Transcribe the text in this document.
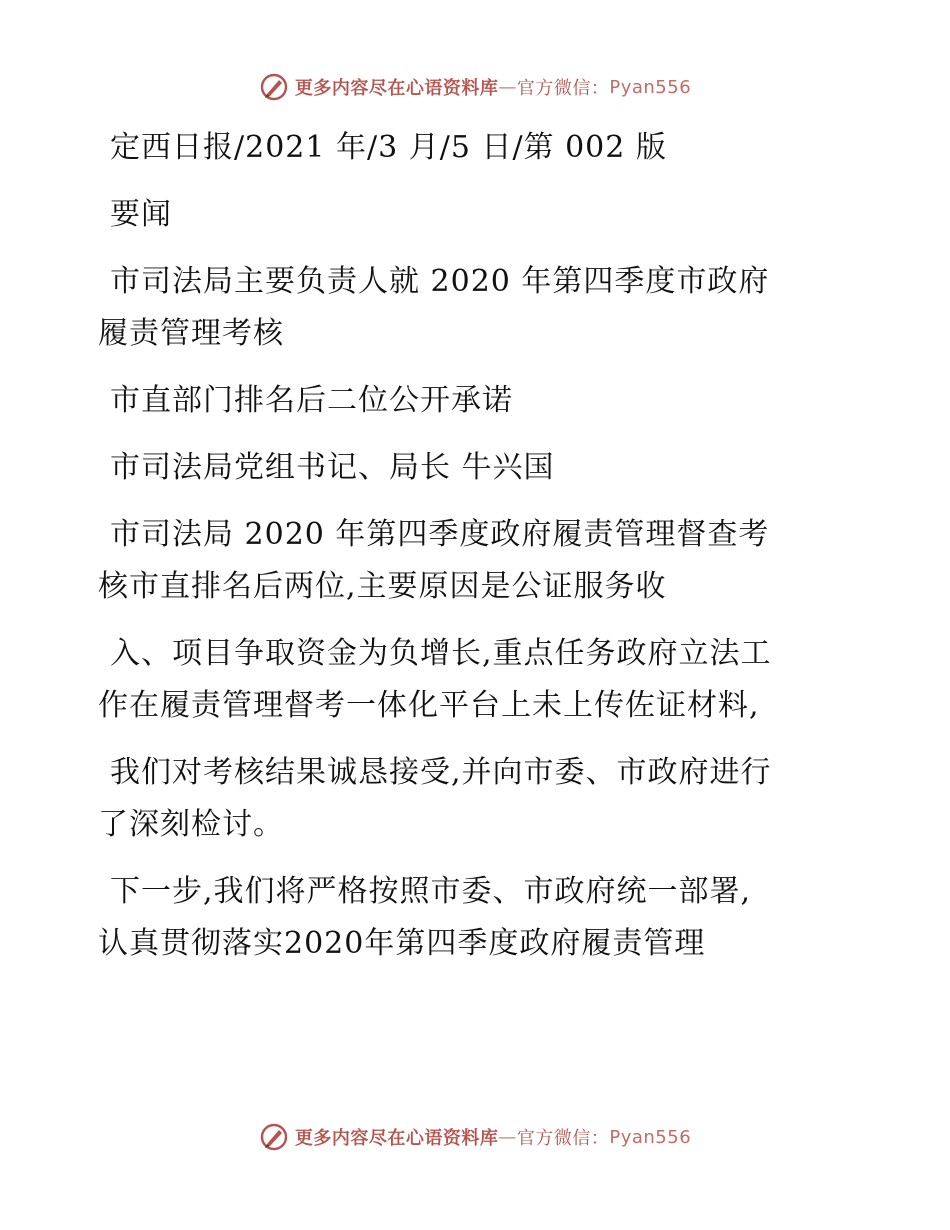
更多内容尽在心语资料库 — 官方微信： Pyan556

定西日报/2021 年/3 月/5 日/第 002 版

要闻

市司法局主要负责人就 2020 年第四季度市政府
履责管理考核

市直部门排名后二位公开承诺

市司法局党组书记、局长 牛兴国

市司法局 2020 年第四季度政府履责管理督查考
核市直排名后两位,主要原因是公证服务收

入、项目争取资金为负增长,重点任务政府立法工
作在履责管理督考一体化平台上未上传佐证材料,

我们对考核结果诚恳接受,并向市委、市政府进行
了深刻检讨。

下一步,我们将严格按照市委、市政府统一部署,
认真贯彻落实2020年第四季度政府履责管理

更多内容尽在心语资料库 — 官方微信： Pyan556
